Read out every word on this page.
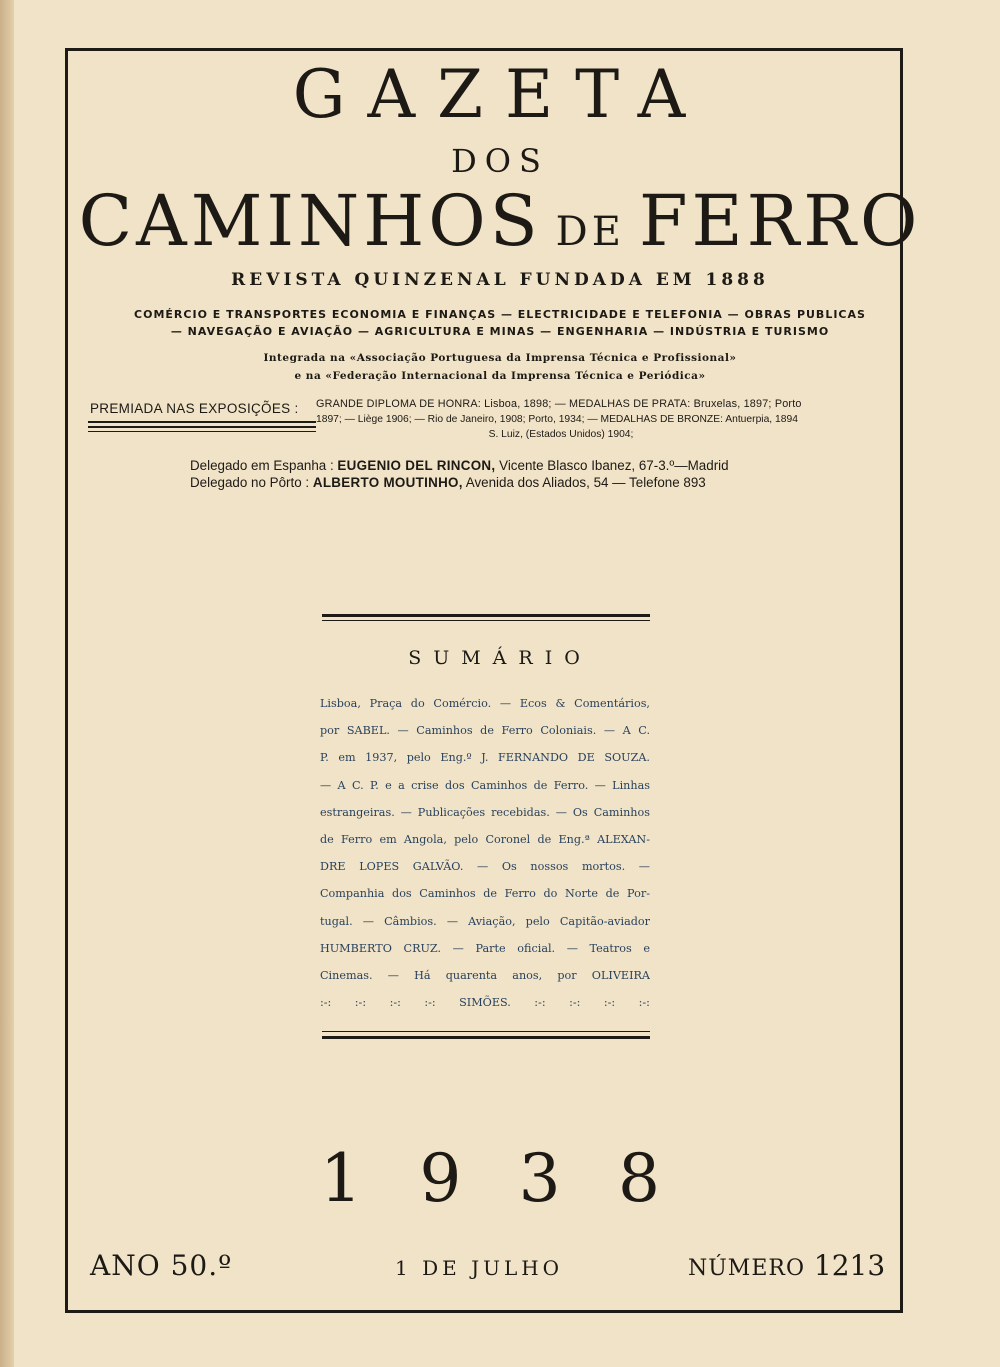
GAZETA
DOS
CAMINHOS DE FERRO
REVISTA QUINZENAL FUNDADA EM 1888
COMÉRCIO E TRANSPORTES ECONOMIA E FINANÇAS — ELECTRICIDADE E TELEFONIA — OBRAS PUBLICAS
— NAVEGAÇÃO E AVIAÇÃO — AGRICULTURA E MINAS — ENGENHARIA — INDÚSTRIA E TURISMO
Integrada na «Associação Portuguesa da Imprensa Técnica e Profissional»
e na «Federação Internacional da Imprensa Técnica e Periódica»
PREMIADA NAS EXPOSIÇÕES : GRANDE DIPLOMA DE HONRA: Lisboa, 1898; — MEDALHAS DE PRATA: Bruxelas, 1897; Porto
1897; — Liège 1906; — Rio de Janeiro, 1908; Porto, 1934; — MEDALHAS DE BRONZE: Antuerpia, 1894

S. Luiz, (Estados Unidos) 1904;
Delegado em Espanha : EUGENIO DEL RINCON, Vicente Blasco Ibanez, 67-3.º—Madrid
Delegado no Pôrto : ALBERTO MOUTINHO, Avenida dos Aliados, 54 — Telefone 893
SUMÁRIO
Lisboa, Praça do Comércio. — Ecos & Comentários,
por SABEL. — Caminhos de Ferro Coloniais. — A C.
P. em 1937, pelo Eng.º J. FERNANDO DE SOUZA.
— A C. P. e a crise dos Caminhos de Ferro. — Linhas
estrangeiras. — Publicações recebidas. — Os Caminhos
de Ferro em Angola, pelo Coronel de Eng.ª ALEXAN-
DRE LOPES GALVÃO. — Os nossos mortos. —
Companhia dos Caminhos de Ferro do Norte de Por-
tugal. — Câmbios. — Aviação, pelo Capitão-aviador
HUMBERTO CRUZ. — Parte oficial. — Teatros e
Cinemas. — Há quarenta anos, por OLIVEIRA
:-: :-: :-: :-: SIMÕES. :-: :-: :-: :-:
1 9 3 8
ANO 50.º	1 DE JULHO	NÚMERO 1213
